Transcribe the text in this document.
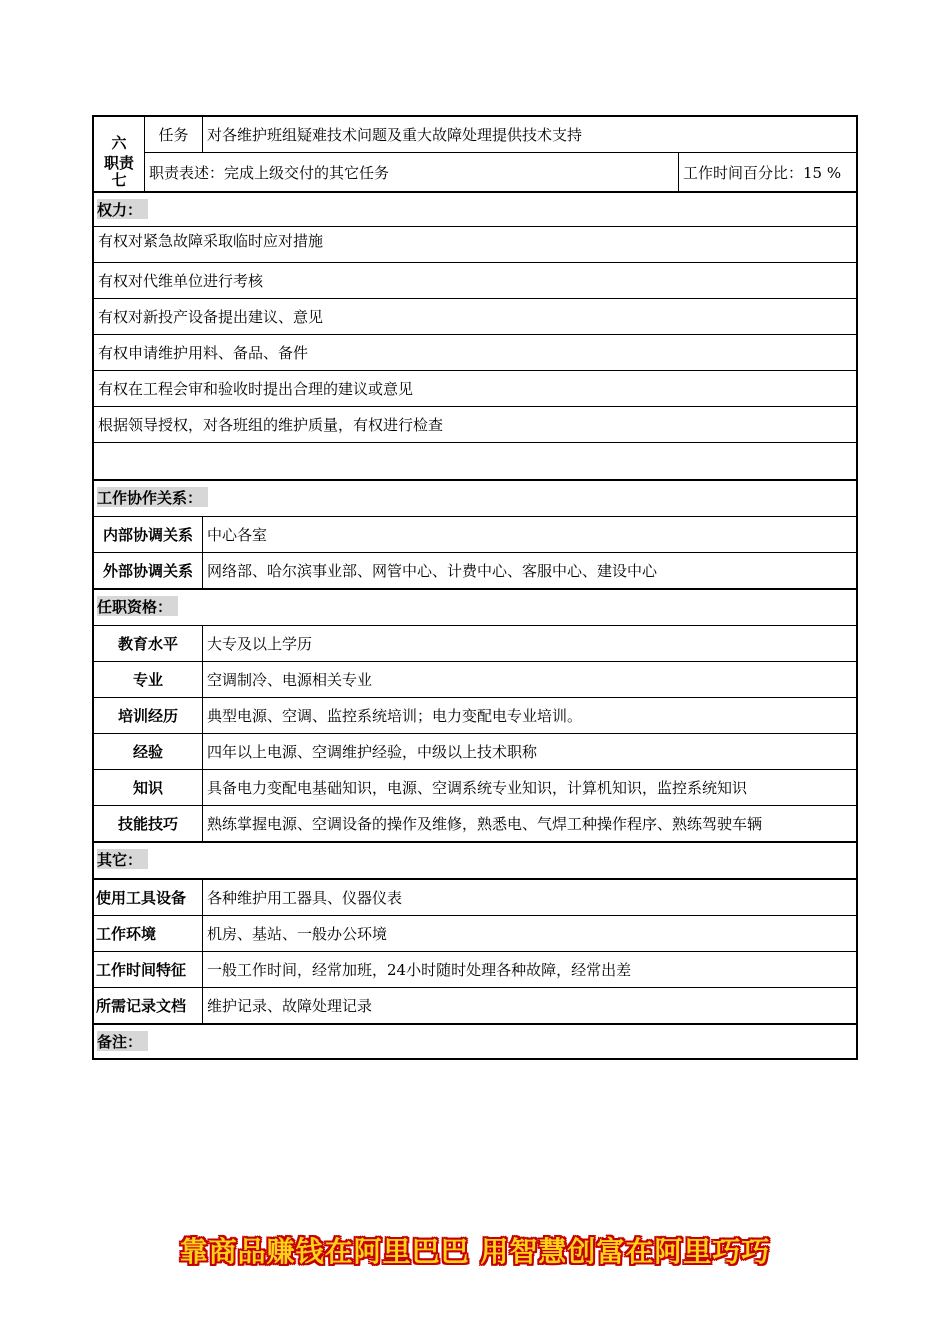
六	任务	对各维护班组疑难技术问题及重大故障处理提供技术支持
职责七	职责表述：完成上级交付的其它任务	工作时间百分比：15 %
权力：
有权对紧急故障采取临时应对措施
有权对代维单位进行考核
有权对新投产设备提出建议、意见
有权申请维护用料、备品、备件
有权在工程会审和验收时提出合理的建议或意见
根据领导授权，对各班组的维护质量，有权进行检查
工作协作关系：
内部协调关系 中心各室
外部协调关系 网络部、哈尔滨事业部、网管中心、计费中心、客服中心、建设中心
任职资格：
教育水平	大专及以上学历
专业	空调制冷、电源相关专业
培训经历	典型电源、空调、监控系统培训；电力变配电专业培训。
经验	四年以上电源、空调维护经验，中级以上技术职称
知识	具备电力变配电基础知识，电源、空调系统专业知识，计算机知识，监控系统知识
技能技巧	熟练掌握电源、空调设备的操作及维修，熟悉电、气焊工种操作程序、熟练驾驶车辆
其它：
使用工具设备	各种维护用工器具、仪器仪表
工作环境	机房、基站、一般办公环境
工作时间特征	一般工作时间，经常加班，24小时随时处理各种故障，经常出差
所需记录文档	维护记录、故障处理记录
备注：
靠商品赚钱在阿里巴巴 用智慧创富在阿里巧巧
